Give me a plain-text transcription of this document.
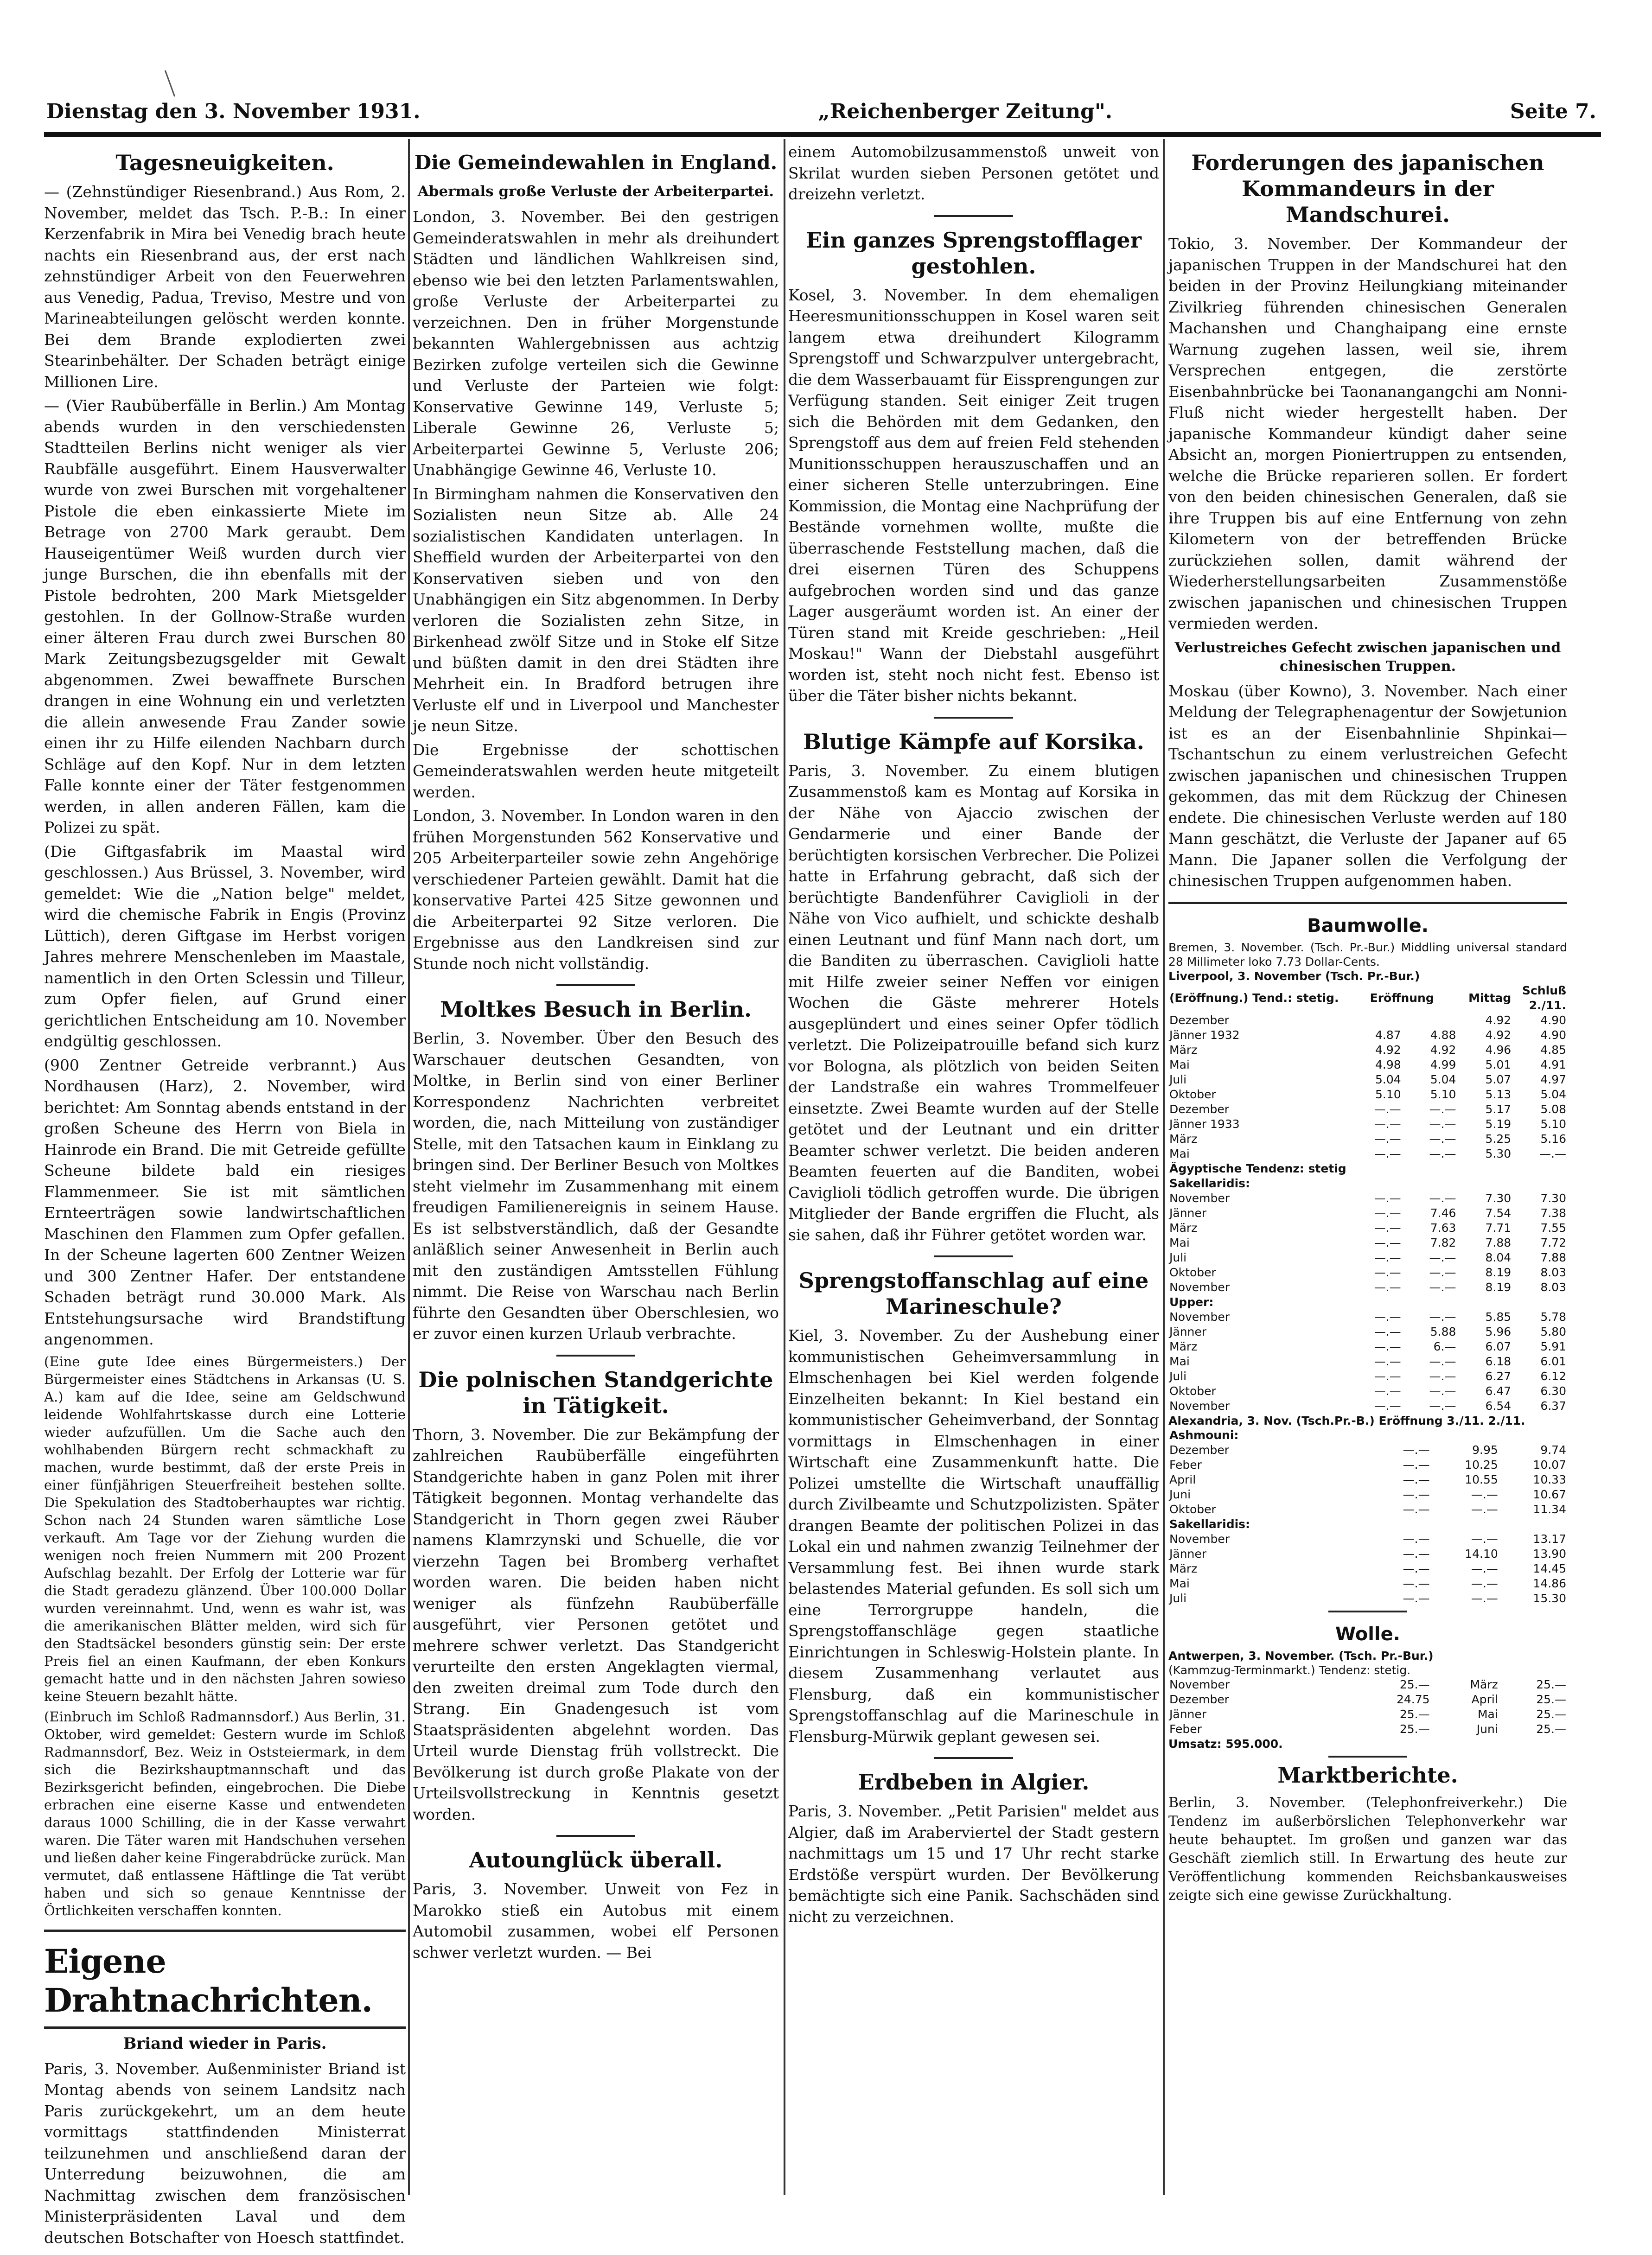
Dienstag den 3. November 1931.	„Reichenberger Zeitung".	Seite 7.
Tagesneuigkeiten.

— (Zehnstündiger Riesenbrand.) Aus Rom, 2. November, meldet das Tsch. P.-B.: In einer Kerzenfabrik in Mira bei Venedig brach heute nachts ein Riesenbrand aus, der erst nach zehnstündiger Arbeit von den Feuerwehren aus Venedig, Padua, Treviso, Mestre und von Marineabteilungen gelöscht werden konnte. Bei dem Brande explodierten zwei Stearinbehälter. Der Schaden beträgt einige Millionen Lire.

— (Vier Raubüberfälle in Berlin.) Am Montag abends wurden in den verschiedensten Stadtteilen Berlins nicht weniger als vier Raubfälle ausgeführt. Einem Hausverwalter wurde von zwei Burschen mit vorgehaltener Pistole die eben einkassierte Miete im Betrage von 2700 Mark geraubt. Dem Hauseigentümer Weiß wurden durch vier junge Burschen, die ihn ebenfalls mit der Pistole bedrohten, 200 Mark Mietsgelder gestohlen. In der Gollnow-Straße wurden einer älteren Frau durch zwei Burschen 80 Mark Zeitungsbezugsgelder mit Gewalt abgenommen. Zwei bewaffnete Burschen drangen in eine Wohnung ein und verletzten die allein anwesende Frau Zander sowie einen ihr zu Hilfe eilenden Nachbarn durch Schläge auf den Kopf. Nur in dem letzten Falle konnte einer der Täter festgenommen werden, in allen anderen Fällen, kam die Polizei zu spät.

(Die Giftgasfabrik im Maastal wird geschlossen.) Aus Brüssel, 3. November, wird gemeldet: Wie die „Nation belge" meldet, wird die chemische Fabrik in Engis (Provinz Lüttich), deren Giftgase im Herbst vorigen Jahres mehrere Menschenleben im Maastale, namentlich in den Orten Sclessin und Tilleur, zum Opfer fielen, auf Grund einer gerichtlichen Entscheidung am 10. November endgültig geschlossen.

(900 Zentner Getreide verbrannt.) Aus Nordhausen (Harz), 2. November, wird berichtet: Am Sonntag abends entstand in der großen Scheune des Herrn von Biela in Hainrode ein Brand. Die mit Getreide gefüllte Scheune bildete bald ein riesiges Flammenmeer. Sie ist mit sämtlichen Ernteerträgen sowie landwirtschaftlichen Maschinen den Flammen zum Opfer gefallen. In der Scheune lagerten 600 Zentner Weizen und 300 Zentner Hafer. Der entstandene Schaden beträgt rund 30.000 Mark. Als Entstehungsursache wird Brandstiftung angenommen.

(Eine gute Idee eines Bürgermeisters.) Der Bürgermeister eines Städtchens in Arkansas (U. S. A.) kam auf die Idee, seine am Geldschwund leidende Wohlfahrtskasse durch eine Lotterie wieder aufzufüllen. Um die Sache auch den wohlhabenden Bürgern recht schmackhaft zu machen, wurde bestimmt, daß der erste Preis in einer fünfjährigen Steuerfreiheit bestehen sollte. Die Spekulation des Stadtoberhauptes war richtig. Schon nach 24 Stunden waren sämtliche Lose verkauft. Am Tage vor der Ziehung wurden die wenigen noch freien Nummern mit 200 Prozent Aufschlag bezahlt. Der Erfolg der Lotterie war für die Stadt geradezu glänzend. Über 100.000 Dollar wurden vereinnahmt. Und, wenn es wahr ist, was die amerikanischen Blätter melden, wird sich für den Stadtsäckel besonders günstig sein: Der erste Preis fiel an einen Kaufmann, der eben Konkurs gemacht hatte und in den nächsten Jahren sowieso keine Steuern bezahlt hätte.

(Einbruch im Schloß Radmannsdorf.) Aus Berlin, 31. Oktober, wird gemeldet: Gestern wurde im Schloß Radmannsdorf, Bez. Weiz in Oststeiermark, in dem sich die Bezirkshauptmannschaft und das Bezirksgericht befinden, eingebrochen. Die Diebe erbrachen eine eiserne Kasse und entwendeten daraus 1000 Schilling, die in der Kasse verwahrt waren. Die Täter waren mit Handschuhen versehen und ließen daher keine Fingerabdrücke zurück. Man vermutet, daß entlassene Häftlinge die Tat verübt haben und sich so genaue Kenntnisse der Örtlichkeiten verschaffen konnten.

Eigene Drahtnachrichten.
Briand wieder in Paris.

Paris, 3. November. Außenminister Briand ist Montag abends von seinem Landsitz nach Paris zurückgekehrt, um an dem heute vormittags stattfindenden Ministerrat teilzunehmen und anschließend daran der Unterredung beizuwohnen, die am Nachmittag zwischen dem französischen Ministerpräsidenten Laval und dem deutschen Botschafter von Hoesch stattfindet.

Die Gemeindewahlen in England.
Abermals große Verluste der Arbeiterpartei.

London, 3. November. Bei den gestrigen Gemeinderatswahlen in mehr als dreihundert Städten und ländlichen Wahlkreisen sind, ebenso wie bei den letzten Parlamentswahlen, große Verluste der Arbeiterpartei zu verzeichnen. Den in früher Morgenstunde bekannten Wahlergebnissen aus achtzig Bezirken zufolge verteilen sich die Gewinne und Verluste der Parteien wie folgt: Konservative Gewinne 149, Verluste 5; Liberale Gewinne 26, Verluste 5; Arbeiterpartei Gewinne 5, Verluste 206; Unabhängige Gewinne 46, Verluste 10.

In Birmingham nahmen die Konservativen den Sozialisten neun Sitze ab. Alle 24 sozialistischen Kandidaten unterlagen. In Sheffield wurden der Arbeiterpartei von den Konservativen sieben und von den Unabhängigen ein Sitz abgenommen. In Derby verloren die Sozialisten zehn Sitze, in Birkenhead zwölf Sitze und in Stoke elf Sitze und büßten damit in den drei Städten ihre Mehrheit ein. In Bradford betrugen ihre Verluste elf und in Liverpool und Manchester je neun Sitze.

Die Ergebnisse der schottischen Gemeinderatswahlen werden heute mitgeteilt werden.

London, 3. November. In London waren in den frühen Morgenstunden 562 Konservative und 205 Arbeiterparteiler sowie zehn Angehörige verschiedener Parteien gewählt. Damit hat die konservative Partei 425 Sitze gewonnen und die Arbeiterpartei 92 Sitze verloren. Die Ergebnisse aus den Landkreisen sind zur Stunde noch nicht vollständig.

Moltkes Besuch in Berlin.

Berlin, 3. November. Über den Besuch des Warschauer deutschen Gesandten, von Moltke, in Berlin sind von einer Berliner Korrespondenz Nachrichten verbreitet worden, die, nach Mitteilung von zuständiger Stelle, mit den Tatsachen kaum in Einklang zu bringen sind. Der Berliner Besuch von Moltkes steht vielmehr im Zusammenhang mit einem freudigen Familienereignis in seinem Hause. Es ist selbstverständlich, daß der Gesandte anläßlich seiner Anwesenheit in Berlin auch mit den zuständigen Amtsstellen Fühlung nimmt. Die Reise von Warschau nach Berlin führte den Gesandten über Oberschlesien, wo er zuvor einen kurzen Urlaub verbrachte.

Die polnischen Standgerichte in Tätigkeit.

Thorn, 3. November. Die zur Bekämpfung der zahlreichen Raubüberfälle eingeführten Standgerichte haben in ganz Polen mit ihrer Tätigkeit begonnen. Montag verhandelte das Standgericht in Thorn gegen zwei Räuber namens Klamrzynski und Schuelle, die vor vierzehn Tagen bei Bromberg verhaftet worden waren. Die beiden haben nicht weniger als fünfzehn Raubüberfälle ausgeführt, vier Personen getötet und mehrere schwer verletzt. Das Standgericht verurteilte den ersten Angeklagten viermal, den zweiten dreimal zum Tode durch den Strang. Ein Gnadengesuch ist vom Staatspräsidenten abgelehnt worden. Das Urteil wurde Dienstag früh vollstreckt. Die Bevölkerung ist durch große Plakate von der Urteilsvollstreckung in Kenntnis gesetzt worden.

Autounglück überall.

Paris, 3. November. Unweit von Fez in Marokko stieß ein Autobus mit einem Automobil zusammen, wobei elf Personen schwer verletzt wurden. — Bei

einem Automobilzusammenstoß unweit von Skrilat wurden sieben Personen getötet und dreizehn verletzt.

Ein ganzes Sprengstofflager gestohlen.

Kosel, 3. November. In dem ehemaligen Heeresmunitionsschuppen in Kosel waren seit langem etwa dreihundert Kilogramm Sprengstoff und Schwarzpulver untergebracht, die dem Wasserbauamt für Eissprengungen zur Verfügung standen. Seit einiger Zeit trugen sich die Behörden mit dem Gedanken, den Sprengstoff aus dem auf freien Feld stehenden Munitionsschuppen herauszuschaffen und an einer sicheren Stelle unterzubringen. Eine Kommission, die Montag eine Nachprüfung der Bestände vornehmen wollte, mußte die überraschende Feststellung machen, daß die drei eisernen Türen des Schuppens aufgebrochen worden sind und das ganze Lager ausgeräumt worden ist. An einer der Türen stand mit Kreide geschrieben: „Heil Moskau!" Wann der Diebstahl ausgeführt worden ist, steht noch nicht fest. Ebenso ist über die Täter bisher nichts bekannt.

Blutige Kämpfe auf Korsika.

Paris, 3. November. Zu einem blutigen Zusammenstoß kam es Montag auf Korsika in der Nähe von Ajaccio zwischen der Gendarmerie und einer Bande der berüchtigten korsischen Verbrecher. Die Polizei hatte in Erfahrung gebracht, daß sich der berüchtigte Bandenführer Caviglioli in der Nähe von Vico aufhielt, und schickte deshalb einen Leutnant und fünf Mann nach dort, um die Banditen zu überraschen. Caviglioli hatte mit Hilfe zweier seiner Neffen vor einigen Wochen die Gäste mehrerer Hotels ausgeplündert und eines seiner Opfer tödlich verletzt. Die Polizeipatrouille befand sich kurz vor Bologna, als plötzlich von beiden Seiten der Landstraße ein wahres Trommelfeuer einsetzte. Zwei Beamte wurden auf der Stelle getötet und der Leutnant und ein dritter Beamter schwer verletzt. Die beiden anderen Beamten feuerten auf die Banditen, wobei Caviglioli tödlich getroffen wurde. Die übrigen Mitglieder der Bande ergriffen die Flucht, als sie sahen, daß ihr Führer getötet worden war.

Sprengstoffanschlag auf eine Marineschule?

Kiel, 3. November. Zu der Aushebung einer kommunistischen Geheimversammlung in Elmschenhagen bei Kiel werden folgende Einzelheiten bekannt: In Kiel bestand ein kommunistischer Geheimverband, der Sonntag vormittags in Elmschenhagen in einer Wirtschaft eine Zusammenkunft hatte. Die Polizei umstellte die Wirtschaft unauffällig durch Zivilbeamte und Schutzpolizisten. Später drangen Beamte der politischen Polizei in das Lokal ein und nahmen zwanzig Teilnehmer der Versammlung fest. Bei ihnen wurde stark belastendes Material gefunden. Es soll sich um eine Terrorgruppe handeln, die Sprengstoffanschläge gegen staatliche Einrichtungen in Schleswig-Holstein plante. In diesem Zusammenhang verlautet aus Flensburg, daß ein kommunistischer Sprengstoffanschlag auf die Marineschule in Flensburg-Mürwik geplant gewesen sei.

Erdbeben in Algier.

Paris, 3. November. „Petit Parisien" meldet aus Algier, daß im Araberviertel der Stadt gestern nachmittags um 15 und 17 Uhr recht starke Erdstöße verspürt wurden. Der Bevölkerung bemächtigte sich eine Panik. Sachschäden sind nicht zu verzeichnen.

Forderungen des japanischen Kommandeurs in der Mandschurei.

Tokio, 3. November. Der Kommandeur der japanischen Truppen in der Mandschurei hat den beiden in der Provinz Heilungkiang miteinander Zivilkrieg führenden chinesischen Generalen Machanshen und Changhaipang eine ernste Warnung zugehen lassen, weil sie, ihrem Versprechen entgegen, die zerstörte Eisenbahnbrücke bei Taonanangangchi am Nonni-Fluß nicht wieder hergestellt haben. Der japanische Kommandeur kündigt daher seine Absicht an, morgen Pioniertruppen zu entsenden, welche die Brücke reparieren sollen. Er fordert von den beiden chinesischen Generalen, daß sie ihre Truppen bis auf eine Entfernung von zehn Kilometern von der betreffenden Brücke zurückziehen sollen, damit während der Wiederherstellungsarbeiten Zusammenstöße zwischen japanischen und chinesischen Truppen vermieden werden.

Verlustreiches Gefecht zwischen japanischen und chinesischen Truppen.

Moskau (über Kowno), 3. November. Nach einer Meldung der Telegraphenagentur der Sowjetunion ist es an der Eisenbahnlinie Shpinkai—Tschantschun zu einem verlustreichen Gefecht zwischen japanischen und chinesischen Truppen gekommen, das mit dem Rückzug der Chinesen endete. Die chinesischen Verluste werden auf 180 Mann geschätzt, die Verluste der Japaner auf 65 Mann. Die Japaner sollen die Verfolgung der chinesischen Truppen aufgenommen haben.

Baumwolle.

Bremen, 3. November. (Tsch. Pr.-Bur.) Middling universal standard 28 Millimeter loko 7.73 Dollar-Cents.

Liverpool, 3. November (Tsch. Pr.-Bur.)

(Eröffnung.) Tend.: stetig.	Eröffnung		Mittag	Schluß 2./11.
Dezember			4.92	4.90
Jänner 1932	4.87	4.88	4.92	4.90
März	4.92	4.92	4.96	4.85
Mai	4.98	4.99	5.01	4.91
Juli	5.04	5.04	5.07	4.97
Oktober	5.10	5.10	5.13	5.04
Dezember	—.—	—.—	5.17	5.08
Jänner 1933	—.—	—.—	5.19	5.10
März	—.—	—.—	5.25	5.16
Mai	—.—	—.—	5.30	—.—
Ägyptische Tendenz: stetig				
Sakellaridis:				
November	—.—	—.—	7.30	7.30
Jänner	—.—	7.46	7.54	7.38
März	—.—	7.63	7.71	7.55
Mai	—.—	7.82	7.88	7.72
Juli	—.—	—.—	8.04	7.88
Oktober	—.—	—.—	8.19	8.03
November	—.—	—.—	8.19	8.03
Upper:				
November	—.—	—.—	5.85	5.78
Jänner	—.—	5.88	5.96	5.80
März	—.—	6.—	6.07	5.91
Mai	—.—	—.—	6.18	6.01
Juli	—.—	—.—	6.27	6.12
Oktober	—.—	—.—	6.47	6.30
November	—.—	—.—	6.54	6.37

Alexandria, 3. Nov. (Tsch.Pr.-B.) Eröffnung 3./11. 2./11.

Ashmouni:			
Dezember	—.—	9.95	9.74
Feber	—.—	10.25	10.07
April	—.—	10.55	10.33
Juni	—.—	—.—	10.67
Oktober	—.—	—.—	11.34
Sakellaridis:			
November	—.—	—.—	13.17
Jänner	—.—	14.10	13.90
März	—.—	—.—	14.45
Mai	—.—	—.—	14.86
Juli	—.—	—.—	15.30
Wolle.

Antwerpen, 3. November. (Tsch. Pr.-Bur.)

(Kammzug-Terminmarkt.) Tendenz: stetig.

November	25.—	März	25.—
Dezember	24.75	April	25.—
Jänner	25.—	Mai	25.—
Feber	25.—	Juni	25.—

Umsatz: 595.000.

Marktberichte.

Berlin, 3. November. (Telephonfreiverkehr.) Die Tendenz im außerbörslichen Telephonverkehr war heute behauptet. Im großen und ganzen war das Geschäft ziemlich still. In Erwartung des heute zur Veröffentlichung kommenden Reichsbankausweises zeigte sich eine gewisse Zurückhaltung.
